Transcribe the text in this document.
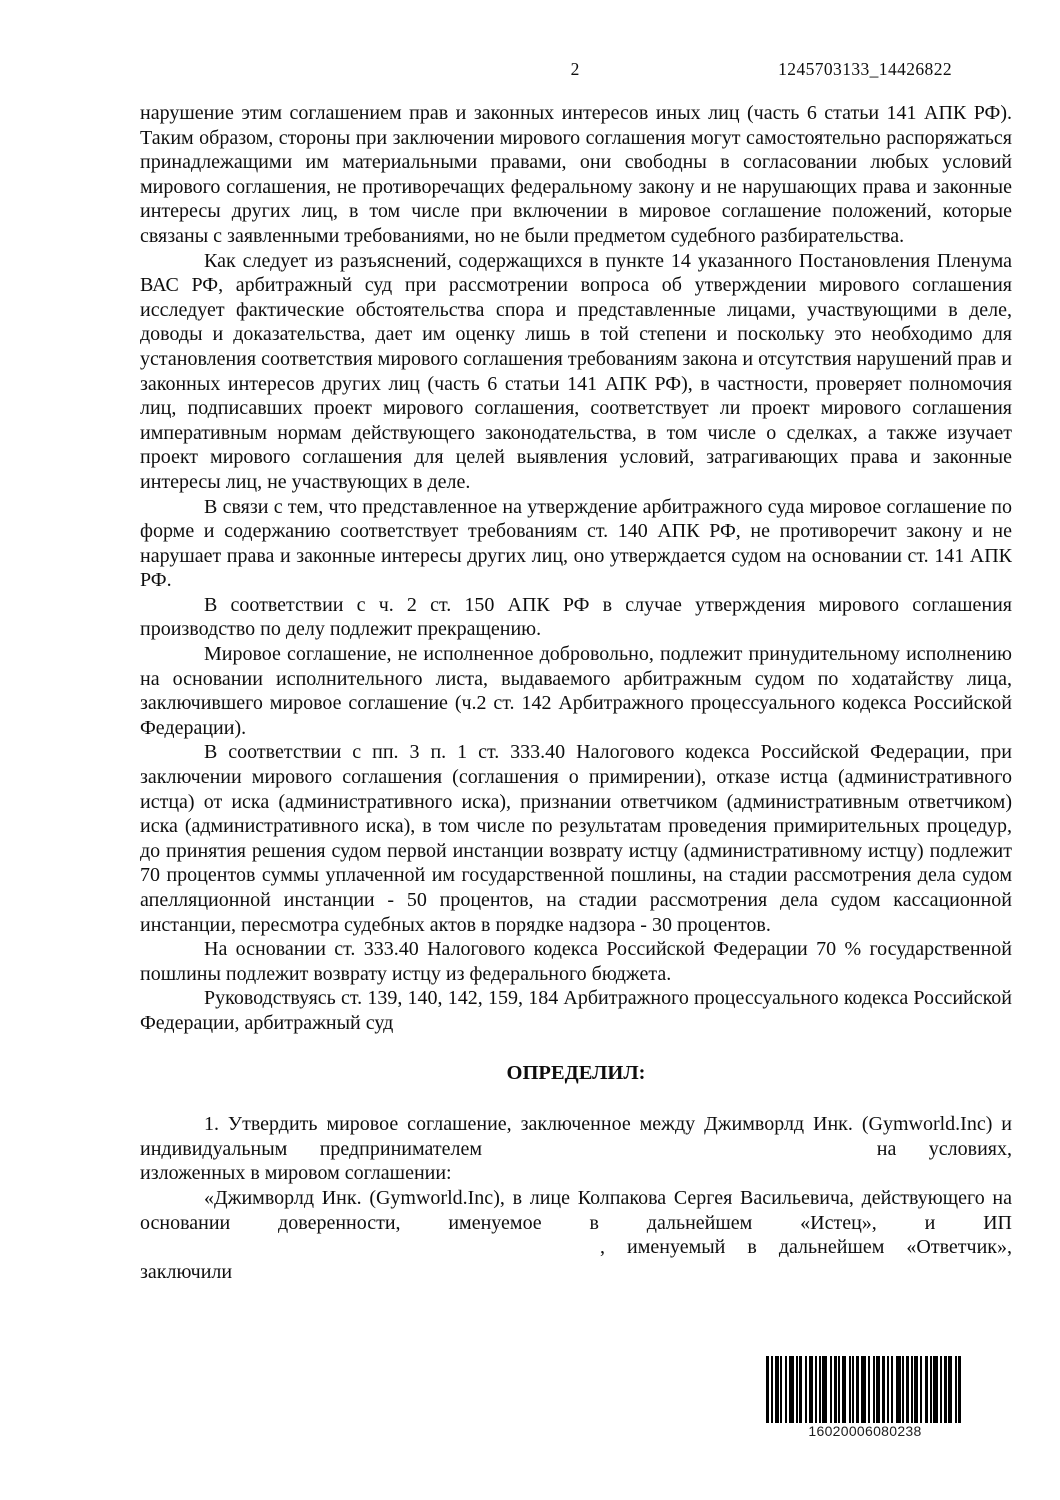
2	1245703133_14426822

нарушение этим соглашением прав и законных интересов иных лиц (часть 6 статьи 141 АПК РФ). Таким образом, стороны при заключении мирового соглашения могут самостоятельно распоряжаться принадлежащими им материальными правами, они свободны в согласовании любых условий мирового соглашения, не противоречащих федеральному закону и не нарушающих права и законные интересы других лиц, в том числе при включении в мировое соглашение положений, которые связаны с заявленными требованиями, но не были предметом судебного разбирательства.

Как следует из разъяснений, содержащихся в пункте 14 указанного Постановления Пленума ВАС РФ, арбитражный суд при рассмотрении вопроса об утверждении мирового соглашения исследует фактические обстоятельства спора и представленные лицами, участвующими в деле, доводы и доказательства, дает им оценку лишь в той степени и поскольку это необходимо для установления соответствия мирового соглашения требованиям закона и отсутствия нарушений прав и законных интересов других лиц (часть 6 статьи 141 АПК РФ), в частности, проверяет полномочия лиц, подписавших проект мирового соглашения, соответствует ли проект мирового соглашения императивным нормам действующего законодательства, в том числе о сделках, а также изучает проект мирового соглашения для целей выявления условий, затрагивающих права и законные интересы лиц, не участвующих в деле.

В связи с тем, что представленное на утверждение арбитражного суда мировое соглашение по форме и содержанию соответствует требованиям ст. 140 АПК РФ, не противоречит закону и не нарушает права и законные интересы других лиц, оно утверждается судом на основании ст. 141 АПК РФ.

В соответствии с ч. 2 ст. 150 АПК РФ в случае утверждения мирового соглашения производство по делу подлежит прекращению.

Мировое соглашение, не исполненное добровольно, подлежит принудительному исполнению на основании исполнительного листа, выдаваемого арбитражным судом по ходатайству лица, заключившего мировое соглашение (ч.2 ст. 142 Арбитражного процессуального кодекса Российской Федерации).

В соответствии с пп. 3 п. 1 ст. 333.40 Налогового кодекса Российской Федерации, при заключении мирового соглашения (соглашения о примирении), отказе истца (административного истца) от иска (административного иска), признании ответчиком (административным ответчиком) иска (административного иска), в том числе по результатам проведения примирительных процедур, до принятия решения судом первой инстанции возврату истцу (административному истцу) подлежит 70 процентов суммы уплаченной им государственной пошлины, на стадии рассмотрения дела судом апелляционной инстанции - 50 процентов, на стадии рассмотрения дела судом кассационной инстанции, пересмотра судебных актов в порядке надзора - 30 процентов.

На основании ст. 333.40 Налогового кодекса Российской Федерации 70 % государственной пошлины подлежит возврату истцу из федерального бюджета.

Руководствуясь ст. 139, 140, 142, 159, 184 Арбитражного процессуального кодекса Российской Федерации, арбитражный суд

ОПРЕДЕЛИЛ:

1. Утвердить мировое соглашение, заключенное между Джимворлд Инк. (Gymworld.Inc) и индивидуальным предпринимателем	на условиях, изложенных в мировом соглашении:

«Джимворлд Инк. (Gymworld.Inc), в лице Колпакова Сергея Васильевича, действующего на основании доверенности, именуемое в дальнейшем «Истец», и ИП  , именуемый в дальнейшем «Ответчик», заключили

16020006080238
